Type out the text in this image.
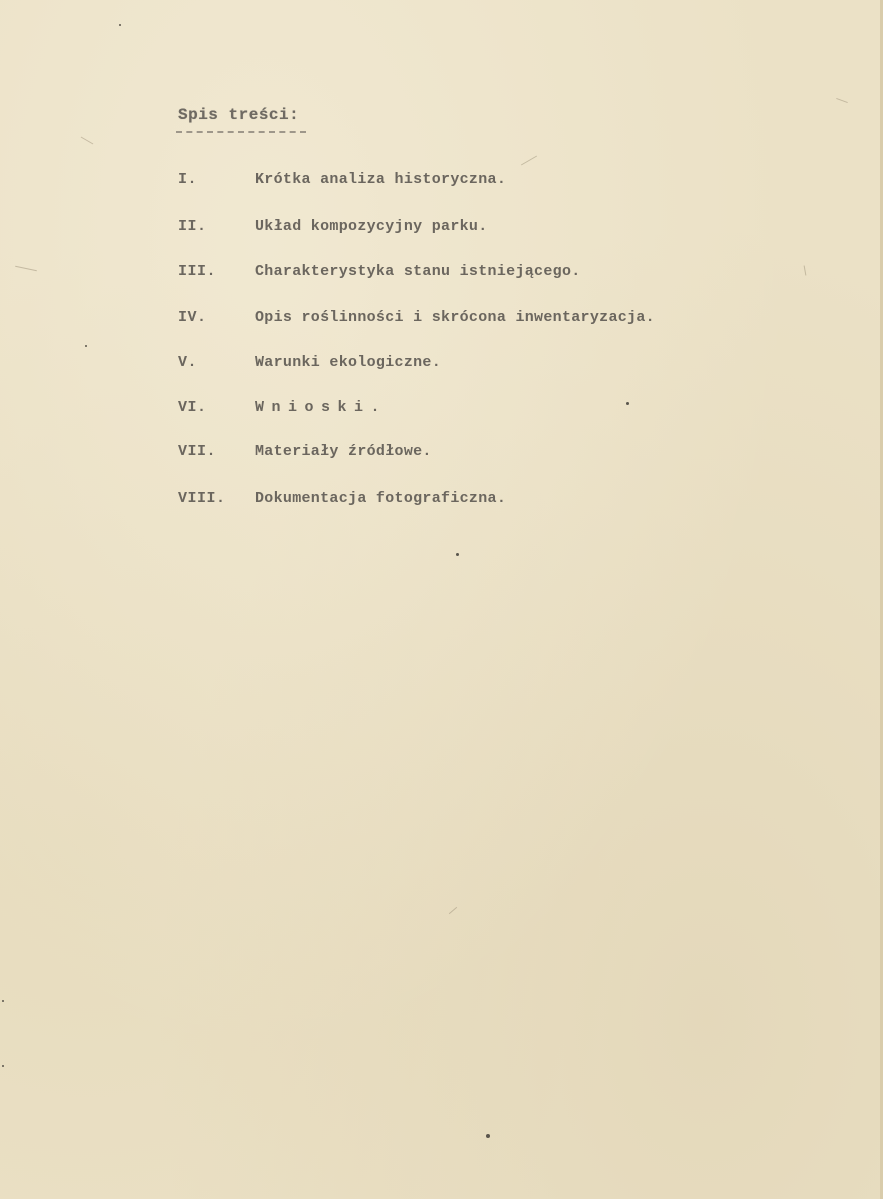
Spis treści:
I.	Krótka analiza historyczna.
II.	Układ kompozycyjny parku.
III.	Charakterystyka stanu istniejącego.
IV.	Opis roślinności i skrócona inwentaryzacja.
V.	Warunki ekologiczne.
VI.	Wnioski.
VII.	Materiały źródłowe.
VIII. Dokumentacja fotograficzna.
